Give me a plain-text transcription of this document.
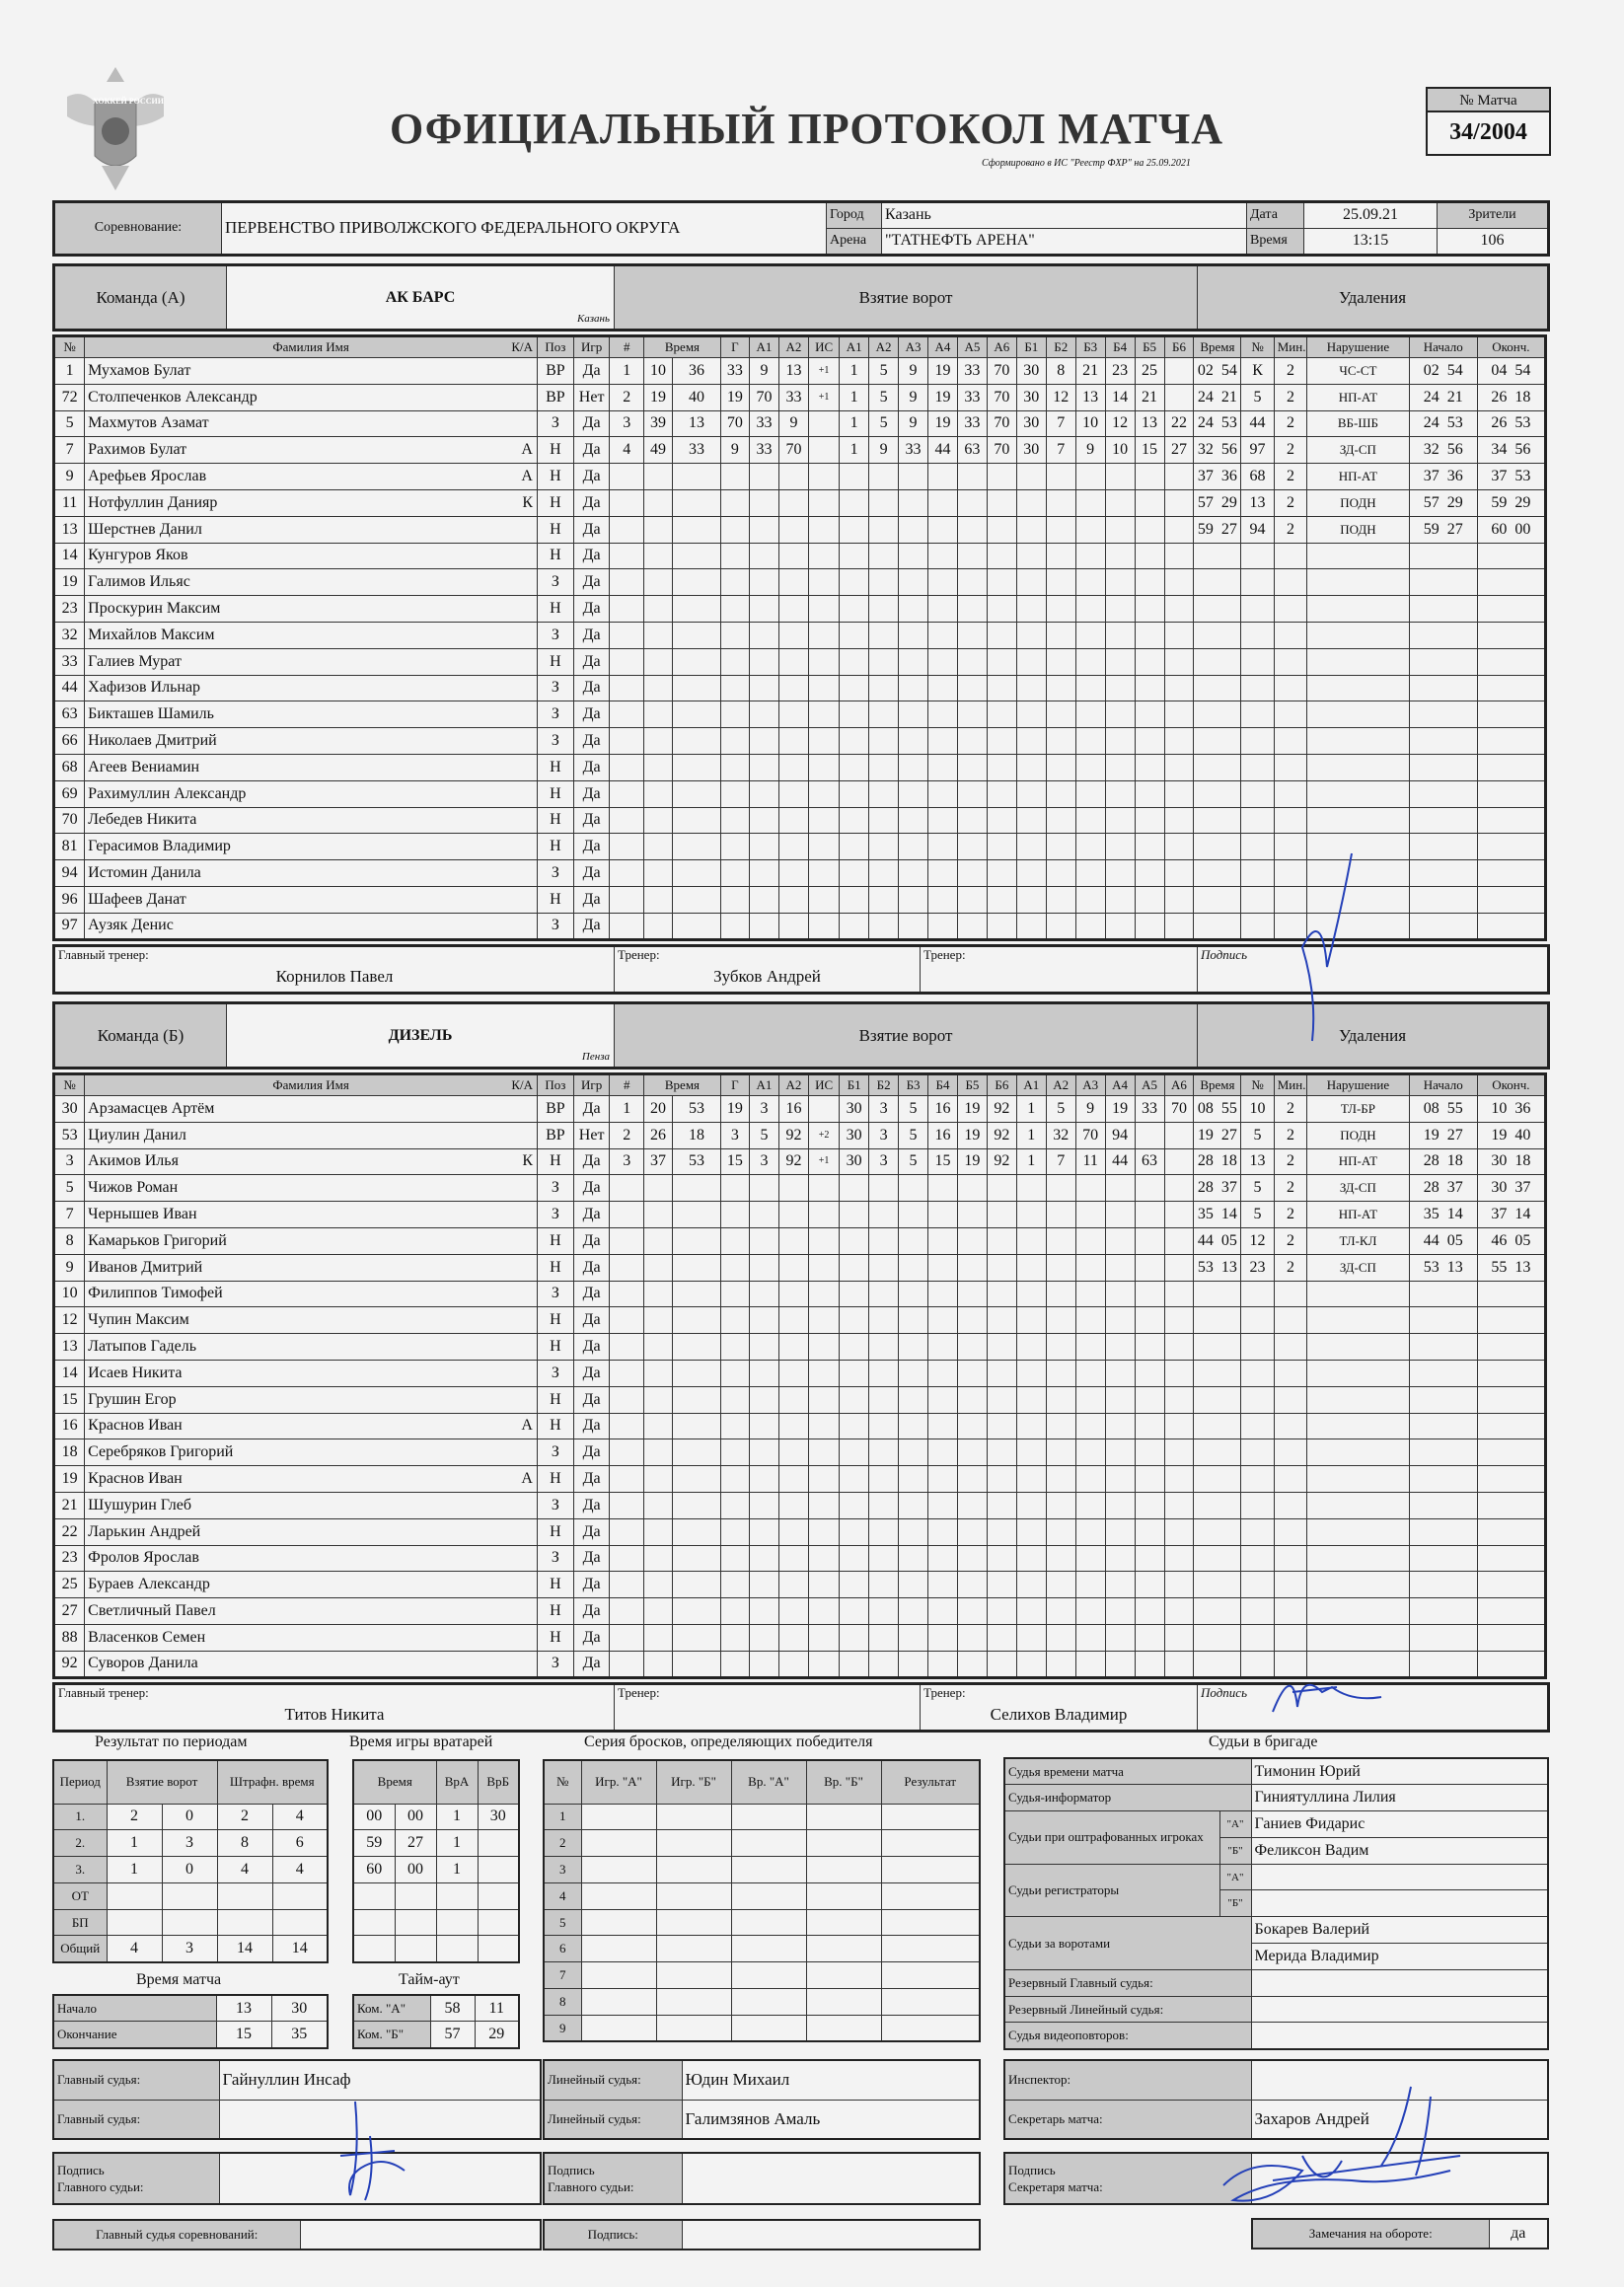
ХОККЕЙ РОССИИ
ОФИЦИАЛЬНЫЙ ПРОТОКОЛ МАТЧА
Сформировано в ИС "Реестр ФХР" на 25.09.2021
№ Матча
34/2004
Соревнование:	ПЕРВЕНСТВО ПРИВОЛЖСКОГО ФЕДЕРАЛЬНОГО ОКРУГА	Город	Казань	Дата	25.09.21	Зрители
		Арена	"ТАТНЕФТЬ АРЕНА"	Время	13:15	106
Команда (А)	АК БАРС
Казань
	Взятие ворот	Удаления
№	Фамилия Имя К/А	Поз	Игр	#	Время		Г	А1	А2	ИС	А1	А2	А3	А4	А5	А6	Б1	Б2	Б3	Б4	Б5	Б6	Время	№	Мин.	Нарушение	Начало	Оконч.
1	Мухамов Булат	ВР	Да	1	10	36	33	9	13	+1	1	5	9	19	33	70	30	8	21	23	25		02  54	К	2	ЧС-СТ	02  54	04  54
72	Столпеченков Александр	ВР	Нет	2	19	40	19	70	33	+1	1	5	9	19	33	70	30	12	13	14	21		24  21	5	2	НП-АТ	24  21	26  18
5	Махмутов Азамат	З	Да	3	39	13	70	33	9		1	5	9	19	33	70	30	7	10	12	13	22	24  53	44	2	ВБ-ШБ	24  53	26  53
7	Рахимов Булат А	Н	Да	4	49	33	9	33	70		1	9	33	44	63	70	30	7	9	10	15	27	32  56	97	2	ЗД-СП	32  56	34  56
9	Арефьев Ярослав А	Н	Да																				37  36	68	2	НП-АТ	37  36	37  53
11	Нотфуллин Данияр К	Н	Да																				57  29	13	2	ПОДН	57  29	59  29
13	Шерстнев Данил	Н	Да																				59  27	94	2	ПОДН	59  27	60  00
14	Кунгуров Яков	Н	Да																									
19	Галимов Ильяс	З	Да																									
23	Проскурин Максим	Н	Да																									
32	Михайлов Максим	З	Да																									
33	Галиев Мурат	Н	Да																									
44	Хафизов Ильнар	З	Да																									
63	Бикташев Шамиль	З	Да																									
66	Николаев Дмитрий	З	Да																									
68	Агеев Вениамин	Н	Да																									
69	Рахимуллин Александр	Н	Да																									
70	Лебедев Никита	Н	Да																									
81	Герасимов Владимир	Н	Да																									
94	Истомин Данила	З	Да																									
96	Шафеев Данат	Н	Да																									
97	Аузяк Денис	З	Да																									
Главный тренер:
Корнилов Павел

Тренер:
Зубков Андрей

Тренер:	Подпись
Команда (Б)	ДИЗЕЛЬ
Пенза
	Взятие ворот	Удаления
№	Фамилия Имя К/А	Поз	Игр	#	Время		Г	А1	А2	ИС	Б1	Б2	Б3	Б4	Б5	Б6	А1	А2	А3	А4	А5	А6	Время	№	Мин.	Нарушение	Начало	Оконч.
30	Арзамасцев Артём	ВР	Да	1	20	53	19	3	16		30	3	5	16	19	92	1	5	9	19	33	70	08  55	10	2	ТЛ-БР	08  55	10  36
53	Циулин Данил	ВР	Нет	2	26	18	3	5	92	+2	30	3	5	16	19	92	1	32	70	94			19  27	5	2	ПОДН	19  27	19  40
3	Акимов Илья К	Н	Да	3	37	53	15	3	92	+1	30	3	5	15	19	92	1	7	11	44	63		28  18	13	2	НП-АТ	28  18	30  18
5	Чижов Роман	З	Да																				28  37	5	2	ЗД-СП	28  37	30  37
7	Чернышев Иван	З	Да																				35  14	5	2	НП-АТ	35  14	37  14
8	Камарьков Григорий	Н	Да																				44  05	12	2	ТЛ-КЛ	44  05	46  05
9	Иванов Дмитрий	Н	Да																				53  13	23	2	ЗД-СП	53  13	55  13
10	Филиппов Тимофей	З	Да																									
12	Чупин Максим	Н	Да																									
13	Латыпов Гадель	Н	Да																									
14	Исаев Никита	З	Да																									
15	Грушин Егор	Н	Да																									
16	Краснов Иван А	Н	Да																									
18	Серебряков Григорий	З	Да																									
19	Краснов Иван А	Н	Да																									
21	Шушурин Глеб	З	Да																									
22	Ларькин Андрей	Н	Да																									
23	Фролов Ярослав	З	Да																									
25	Бураев Александр	Н	Да																									
27	Светличный Павел	Н	Да																									
88	Власенков Семен	Н	Да																									
92	Суворов Данила	З	Да																									
Главный тренер:
Титов Никита

Тренер:	Тренер:
Селихов Владимир

Подпись
Результат по периодам
Период	Взятие ворот		Штрафн. время	
1.	2	0	2	4
2.	1	3	8	6
3.	1	0	4	4
ОТ				
БП				
Общий	4	3	14	14
Время матча
Начало	13	30
Окончание	15	35
Время игры вратарей
Время		ВрА	ВрБ
00	00	1	30
59	27	1	
60	00	1	

Тайм-аут
Ком. "А"	58	11
Ком. "Б"	57	29
Серия бросков, определяющих победителя
№	Игр. "А"	Игр. "Б"	Вр. "А"	Вр. "Б"	Результат
1					
2					
3					
4					
5					
6					
7					
8					
9					
Судьи в бригаде
Судья времени матча		Тимонин Юрий
Судья-информатор		Гиниятуллина Лилия
Судьи при оштрафованных игроках	"А"	Ганиев Фидарис
	"Б"	Феликсон Вадим
Судьи регистраторы	"А"	
	"Б"	
Судьи за воротами		Бокарев Валерий
		Мерида Владимир
Резервный Главный судья:		
Резервный Линейный судья:		
Судья видеоповторов:		
Главный судья:	Гайнуллин Инсаф
Главный судья:	
Линейный судья:	Юдин Михаил
Линейный судья:	Галимзянов Амаль
Инспектор:	
Секретарь матча:	Захаров Андрей
Подпись
Главного судьи:

Подпись
Главного судьи:

Подпись
Секретаря матча:

Главный судья соревнований:		Подпись:		Замечания на обороте:	да
